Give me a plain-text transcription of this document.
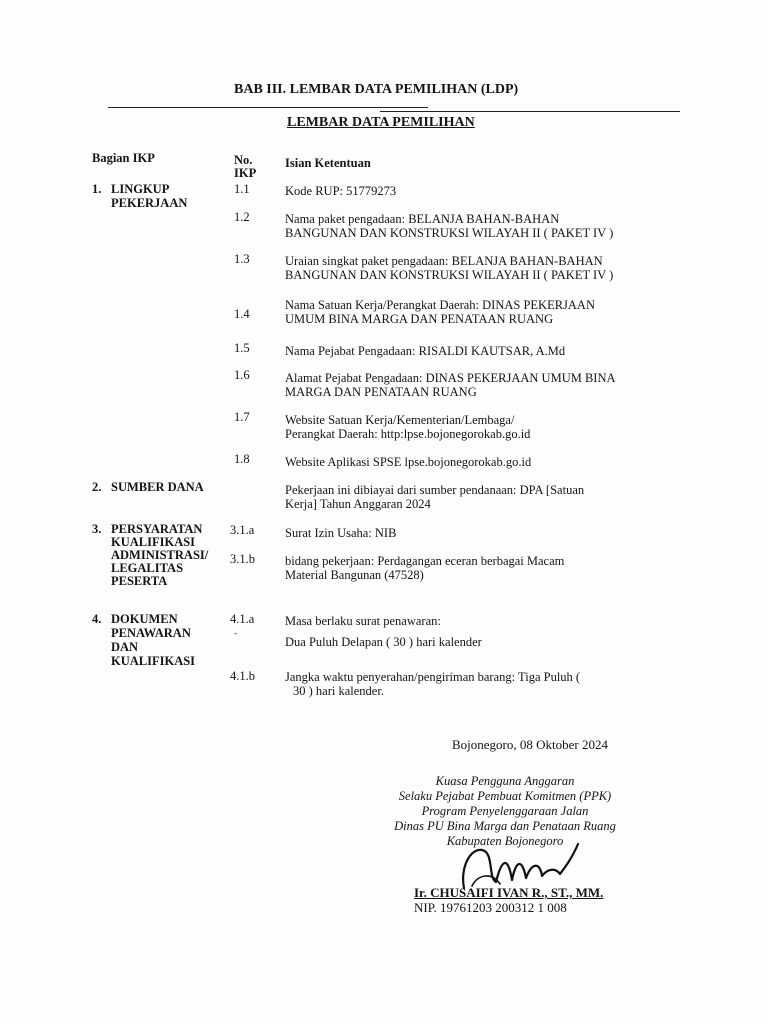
BAB III. LEMBAR DATA PEMILIHAN (LDP)
LEMBAR DATA PEMILIHAN
Bagian IKP	No.
IKP
Isian Ketentuan
1. LINGKUP
PEKERJAAN
2. SUMBER DANA
3. PERSYARATAN
KUALIFIKASI
ADMINISTRASI/
LEGALITAS
PESERTA
4. DOKUMEN
PENAWARAN
DAN
KUALIFIKASI
1.1
1.2
1.3
1.4
1.5
1.6
1.7
1.8
3.1.a
3.1.b
4.1.a
-
4.1.b
Kode RUP: 51779273
Nama paket pengadaan: BELANJA BAHAN-BAHAN
BANGUNAN DAN KONSTRUKSI WILAYAH II ( PAKET IV )
Uraian singkat paket pengadaan: BELANJA BAHAN-BAHAN
BANGUNAN DAN KONSTRUKSI WILAYAH II ( PAKET IV )
Nama Satuan Kerja/Perangkat Daerah: DINAS PEKERJAAN
UMUM BINA MARGA DAN PENATAAN RUANG
Nama Pejabat Pengadaan: RISALDI KAUTSAR, A.Md
Alamat Pejabat Pengadaan: DINAS PEKERJAAN UMUM BINA
MARGA DAN PENATAAN RUANG
Website Satuan Kerja/Kementerian/Lembaga/
Perangkat Daerah: http:lpse.bojonegorokab.go.id
Website Aplikasi SPSE lpse.bojonegorokab.go.id
Pekerjaan ini dibiayai dari sumber pendanaan: DPA [Satuan
Kerja] Tahun Anggaran 2024
Surat Izin Usaha: NIB
bidang pekerjaan: Perdagangan eceran berbagai Macam
Material Bangunan (47528)
Masa berlaku surat penawaran:
Dua Puluh Delapan ( 30 ) hari kalender
Jangka waktu penyerahan/pengiriman barang: Tiga Puluh (
30 ) hari kalender.
Bojonegoro, 08 Oktober 2024
Kuasa Pengguna Anggaran
Selaku Pejabat Pembuat Komitmen (PPK)
Program Penyelenggaraan Jalan
Dinas PU Bina Marga dan Penataan Ruang
Kabupaten Bojonegoro
Ir. CHUSAIFI IVAN R., ST., MM.
NIP. 19761203 200312 1 008
